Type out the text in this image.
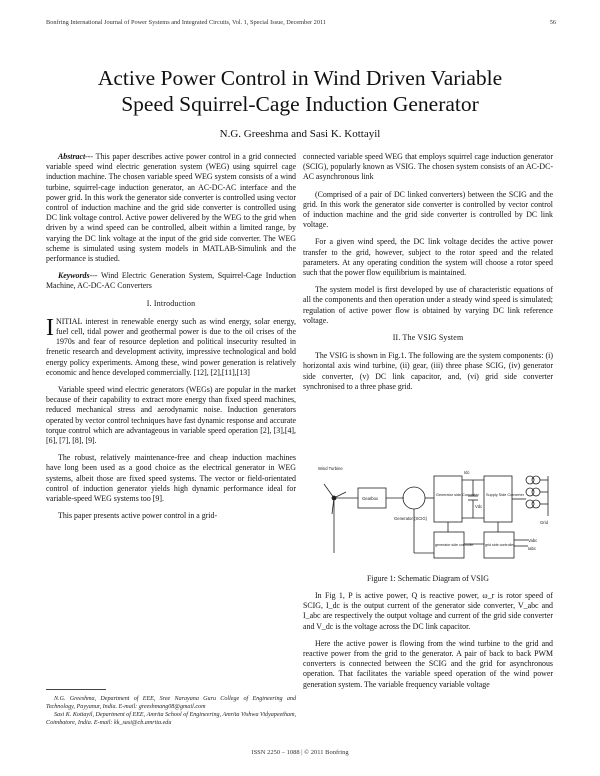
Bonfring International Journal of Power Systems and Integrated Circuits, Vol. 1, Special Issue, December 2011	56
Active Power Control in Wind Driven Variable
Speed Squirrel-Cage Induction Generator
N.G. Greeshma and Sasi K. Kottayil

Abstract--- This paper describes active power control in a grid connected variable speed wind electric generation system (WEG) using squirrel cage induction machine. The chosen variable speed WEG system consists of a wind turbine, squirrel-cage induction generator, an AC-DC-AC interface and the power grid. In this work the generator side converter is controlled using vector control of induction machine and the grid side converter is controlled using DC link voltage control. Active power delivered by the WEG to the grid when driven by a wind speed can be controlled, albeit within a limited range, by varying the DC link voltage at the input of the grid side converter. The WEG scheme is simulated using system models in MATLAB-Simulink and the performance is studied.

Keywords--- Wind Electric Generation System, Squirrel-Cage Induction Machine, AC-DC-AC Converters

I. Introduction

INITIAL interest in renewable energy such as wind energy, solar energy, fuel cell, tidal power and geothermal power is due to the oil crises of the 1970s and fear of resource depletion and political insecurity resulted in frenetic research and development activity, impressive technological and bold energy policy experiments. Among these, wind power generation is relatively economic and hence developed commercially. [12], [2],[11],[13]

Variable speed wind electric generators (WEGs) are popular in the market because of their capability to extract more energy than fixed speed machines, reduced mechanical stress and aerodynamic noise. Induction generators operated by vector control techniques have fast dynamic response and accurate torque control which are advantageous in variable speed operation [2], [3],[4], [6], [7], [8], [9].

The robust, relatively maintenance-free and cheap induction machines have long been used as a good choice as the electrical generator in WEG systems, albeit those are fixed speed systems. The vector or field-orientated control of induction generator yields high dynamic performance ideal for variable-speed WEG systems too [9].

This paper presents active power control in a grid-

connected variable speed WEG that employs squirrel cage induction generator (SCIG), popularly known as VSIG. The chosen system consists of an AC-DC-AC asynchronous link

(Comprised of a pair of DC linked converters) between the SCIG and the grid. In this work the generator side converter is controlled by vector control of induction machine and the grid side converter is controlled by DC link voltage.

For a given wind speed, the DC link voltage decides the active power transfer to the grid, however, subject to the rotor speed and the related parameters. At any operating condition the system will choose a rotor speed such that the power flow equilibrium is maintained.

The system model is first developed by use of characteristic equations of all the components and then operation under a steady wind speed is simulated; regulation of active power flow is obtained by varying DC link reference voltage.

II. The VSIG System

The VSIG is shown in Fig.1. The following are the system components: (i) horizontal axis wind turbine, (ii) gear, (iii) three phase SCIG, (iv) generator side converter, (v) DC link capacitor, and, (vi) grid side converter synchronised to a three phase grid.

Wind Turbine
Gearbox
Generator (SCIG)
Generator side Converter Supply Side Converter
generator side controller	grid side controller
Grid
Vdc
Idc
Vabc
Iabc
Figure 1: Schematic Diagram of VSIG

In Fig 1, P is active power, Q is reactive power, ω_r is rotor speed of SCIG, I_dc is the output current of the generator side converter, V_abc and I_abc are respectively the output voltage and current of the grid side converter and V_dc is the voltage across the DC link capacitor.

Here the active power is flowing from the wind turbine to the grid and reactive power from the grid to the generator. A pair of back to back PWM converters is connected between the SCIG and the grid for asynchronous operation. That facilitates the variable speed operation of the wind power generation system. The variable frequency variable voltage

N.G. Greeshma, Department of EEE, Sree Narayana Guru College of Engineering and Technology, Payyanur, India. E-mail: greeshmang08@gmail.com

Sasi K. Kottayil, Department of EEE, Amrita School of Engineering, Amrita Vishwa Vidyapeetham, Coimbatore, India. E-mail: kk_sasi@cb.amrita.edu

ISSN 2250 – 1088 | © 2011 Bonfring
